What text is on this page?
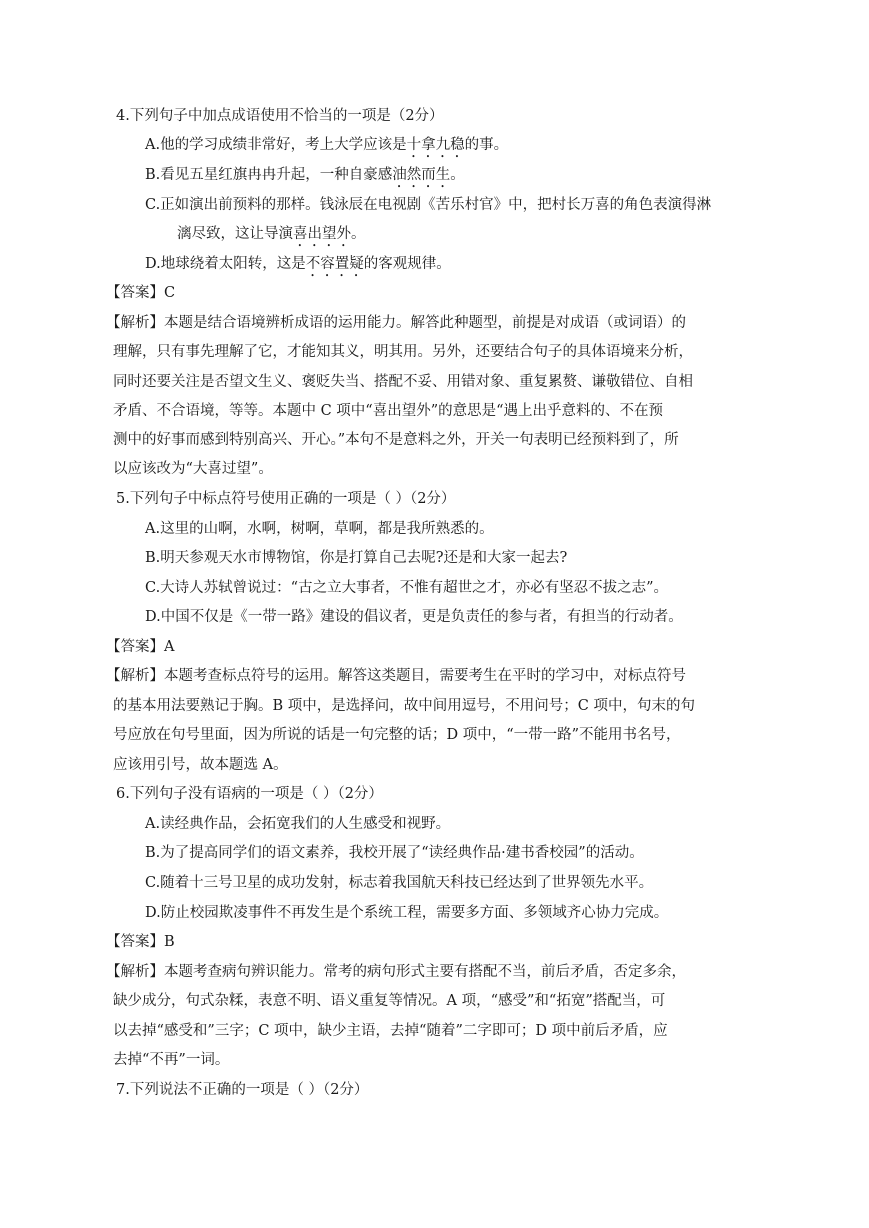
4.下列句子中加点成语使用不恰当的一项是（2分）
A.他的学习成绩非常好，考上大学应该是十拿九稳的事。
B.看见五星红旗冉冉升起，一种自豪感油然而生。
C.正如演出前预料的那样。钱泳辰在电视剧《苦乐村官》中，把村长万喜的角色表演得淋
漓尽致，这让导演喜出望外。
D.地球绕着太阳转，这是不容置疑的客观规律。
【答案】C
【解析】本题是结合语境辨析成语的运用能力。解答此种题型，前提是对成语（或词语）的
理解，只有事先理解了它，才能知其义，明其用。另外，还要结合句子的具体语境来分析，
同时还要关注是否望文生义、褒贬失当、搭配不妥、用错对象、重复累赘、谦敬错位、自相
矛盾、不合语境，等等。本题中 C 项中“喜出望外”的意思是“遇上出乎意料的、不在预
测中的好事而感到特别高兴、开心。”本句不是意料之外，开关一句表明已经预料到了，所
以应该改为“大喜过望”。
5.下列句子中标点符号使用正确的一项是（ ）（2分）
A.这里的山啊，水啊，树啊，草啊，都是我所熟悉的。
B.明天参观天水市博物馆，你是打算自己去呢?还是和大家一起去?
C.大诗人苏轼曾说过：“古之立大事者，不惟有超世之才，亦必有坚忍不拔之志”。
D.中国不仅是《一带一路》建设的倡议者，更是负责任的参与者，有担当的行动者。
【答案】A
【解析】本题考查标点符号的运用。解答这类题目，需要考生在平时的学习中，对标点符号
的基本用法要熟记于胸。B 项中，是选择问，故中间用逗号，不用问号；C 项中，句末的句
号应放在句号里面，因为所说的话是一句完整的话；D 项中，“一带一路”不能用书名号，
应该用引号，故本题选 A。
6.下列句子没有语病的一项是（ ）（2分）
A.读经典作品，会拓宽我们的人生感受和视野。
B.为了提高同学们的语文素养，我校开展了“读经典作品·建书香校园”的活动。
C.随着十三号卫星的成功发射，标志着我国航天科技已经达到了世界领先水平。
D.防止校园欺凌事件不再发生是个系统工程，需要多方面、多领域齐心协力完成。
【答案】B
【解析】本题考查病句辨识能力。常考的病句形式主要有搭配不当，前后矛盾，否定多余，
缺少成分，句式杂糅，表意不明、语义重复等情况。A 项，“感受”和“拓宽”搭配当，可
以去掉“感受和”三字；C 项中，缺少主语，去掉“随着”二字即可；D 项中前后矛盾，应
去掉“不再”一词。
7.下列说法不正确的一项是（ ）（2分）
